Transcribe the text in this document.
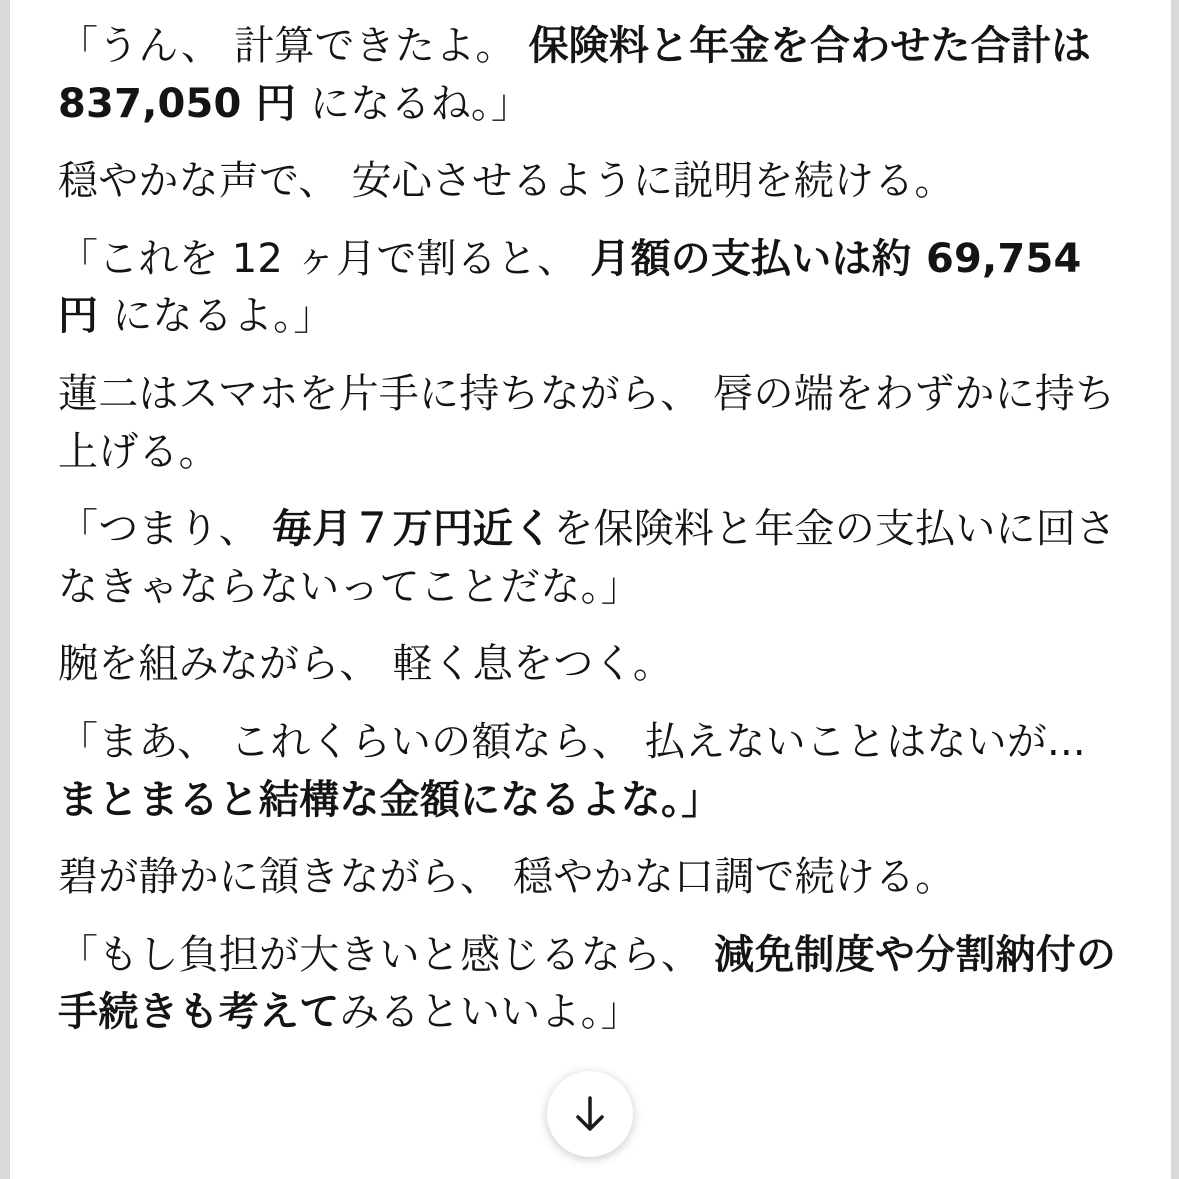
「うん、 計算できたよ。 保険料と年金を合わせた合計は 837,050 円 になるね。」

穏やかな声で、 安心させるように説明を続ける。

「これを 12 ヶ月で割ると、 月額の支払いは約 69,754 円 になるよ。」

蓮二はスマホを片手に持ちながら、 唇の端をわずかに持ち上げる。

「つまり、 毎月７万円近くを保険料と年金の支払いに回さなきゃならないってことだな。」

腕を組みながら、 軽く息をつく。

「まあ、 これくらいの額なら、 払えないことはないが...まとまると結構な金額になるよな。」

碧が静かに頷きながら、 穏やかな口調で続ける。

「もし負担が大きいと感じるなら、 減免制度や分割納付の手続きも考えてみるといいよ。」
